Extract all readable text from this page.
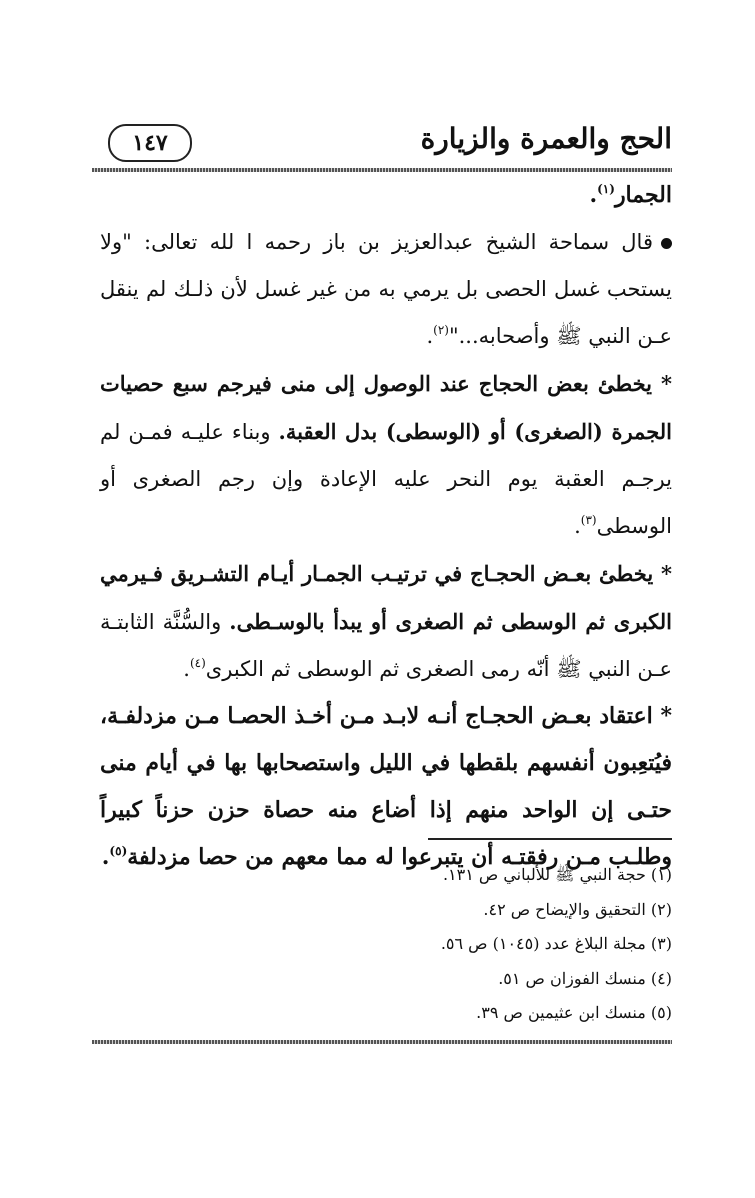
الحج والعمرة والزيارة
١٤٧

الجمار$^{(١)}$.

قال سماحة الشيخ عبدالعزيز بن باز رحمه ا لله تعالى: "ولا يستحب غسل الحصى بل يرمي به من غير غسل لأن ذلـك لم ينقل عـن النبي ﷺ وأصحابه..."$^{(٢)}$.

* يخطئ بعض الحجاج عند الوصول إلى منى فيرجم سبع حصيات الجمرة (الصغرى) أو (الوسطى) بدل العقبة. وبناء عليـه فمـن لم يرجـم العقبة يوم النحر عليه الإعادة وإن رجم الصغرى أو الوسطى$^{(٣)}$.

* يخطئ بعـض الحجـاج في ترتيـب الجمـار أيـام التشـريق فـيرمي الكبرى ثم الوسطى ثم الصغرى أو يبدأ بالوسـطى. والسُّنَّة الثابتـة عـن النبي ﷺ أنّه رمى الصغرى ثم الوسطى ثم الكبرى$^{(٤)}$.

* اعتقاد بعـض الحجـاج أنـه لابـد مـن أخـذ الحصـا مـن مزدلفـة، فيُتعِبون أنفسهم بلقطها في الليل واستصحابها بها في أيام منى حتـى إن الواحد منهم إذا أضاع منه حصاة حزن حزناً كبيراً وطلـب مـن رفقتـه أن يتبرعوا له مما معهم من حصا مزدلفة$^{(٥)}$.

(١) حجة النبي ﷺ للألباني ص ١٣١.
(٢) التحقيق والإيضاح ص ٤٢.
(٣) مجلة البلاغ عدد (١٠٤٥) ص ٥٦.
(٤) منسك الفوزان ص ٥١.
(٥) منسك ابن عثيمين ص ٣٩.
